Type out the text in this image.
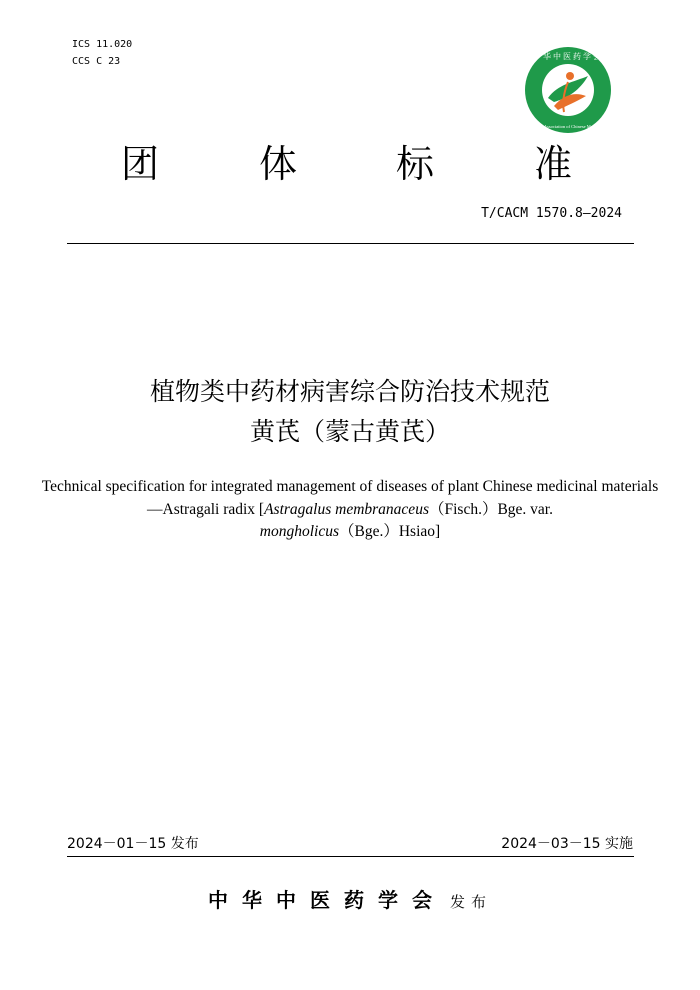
ICS 11.020
CCS C 23	中华中医药学会
China Association of Chinese Medicine
团	体	标	准
T/CACM 1570.8—2024
植物类中药材病害综合防治技术规范
黄芪（蒙古黄芪）
Technical specification for integrated management of diseases of plant Chinese medicinal materials—Astragali radix [Astragalus membranaceus（Fisch.）Bge. var.
mongholicus（Bge.）Hsiao]
2024－01－15 发布	2024－03－15 实施
中华中医药学会 发布
